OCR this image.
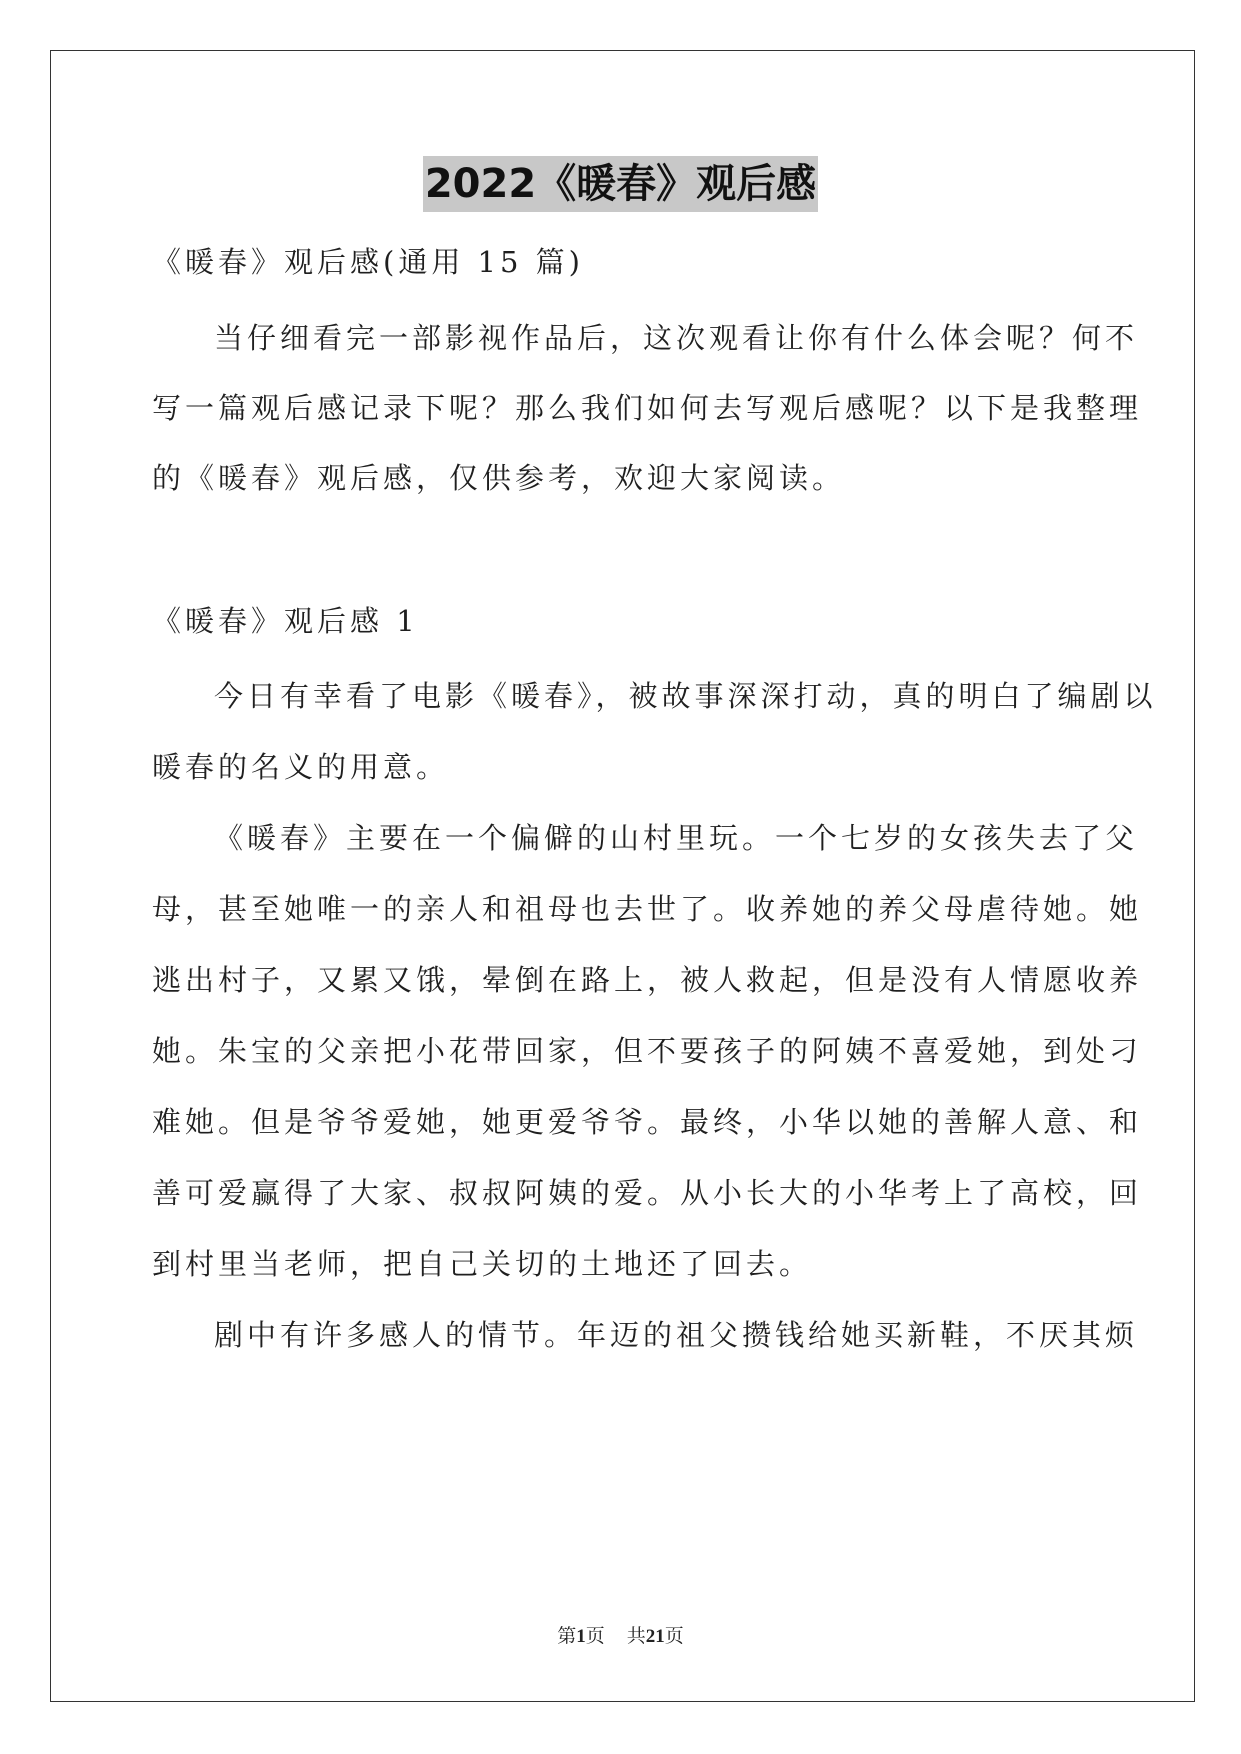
2022《暖春》观后感
《暖春》观后感(通用 15 篇)
当仔细看完一部影视作品后，这次观看让你有什么体会呢？何不
写一篇观后感记录下呢？那么我们如何去写观后感呢？以下是我整理
的《暖春》观后感，仅供参考，欢迎大家阅读。
《暖春》观后感 1
今日有幸看了电影《暖春》，被故事深深打动，真的明白了编剧以
暖春的名义的用意。
《暖春》主要在一个偏僻的山村里玩。一个七岁的女孩失去了父
母，甚至她唯一的亲人和祖母也去世了。收养她的养父母虐待她。她
逃出村子，又累又饿，晕倒在路上，被人救起，但是没有人情愿收养
她。朱宝的父亲把小花带回家，但不要孩子的阿姨不喜爱她，到处刁
难她。但是爷爷爱她，她更爱爷爷。最终，小华以她的善解人意、和
善可爱赢得了大家、叔叔阿姨的爱。从小长大的小华考上了高校，回
到村里当老师，把自己关切的土地还了回去。
剧中有许多感人的情节。年迈的祖父攒钱给她买新鞋，不厌其烦
第1页 共21页
